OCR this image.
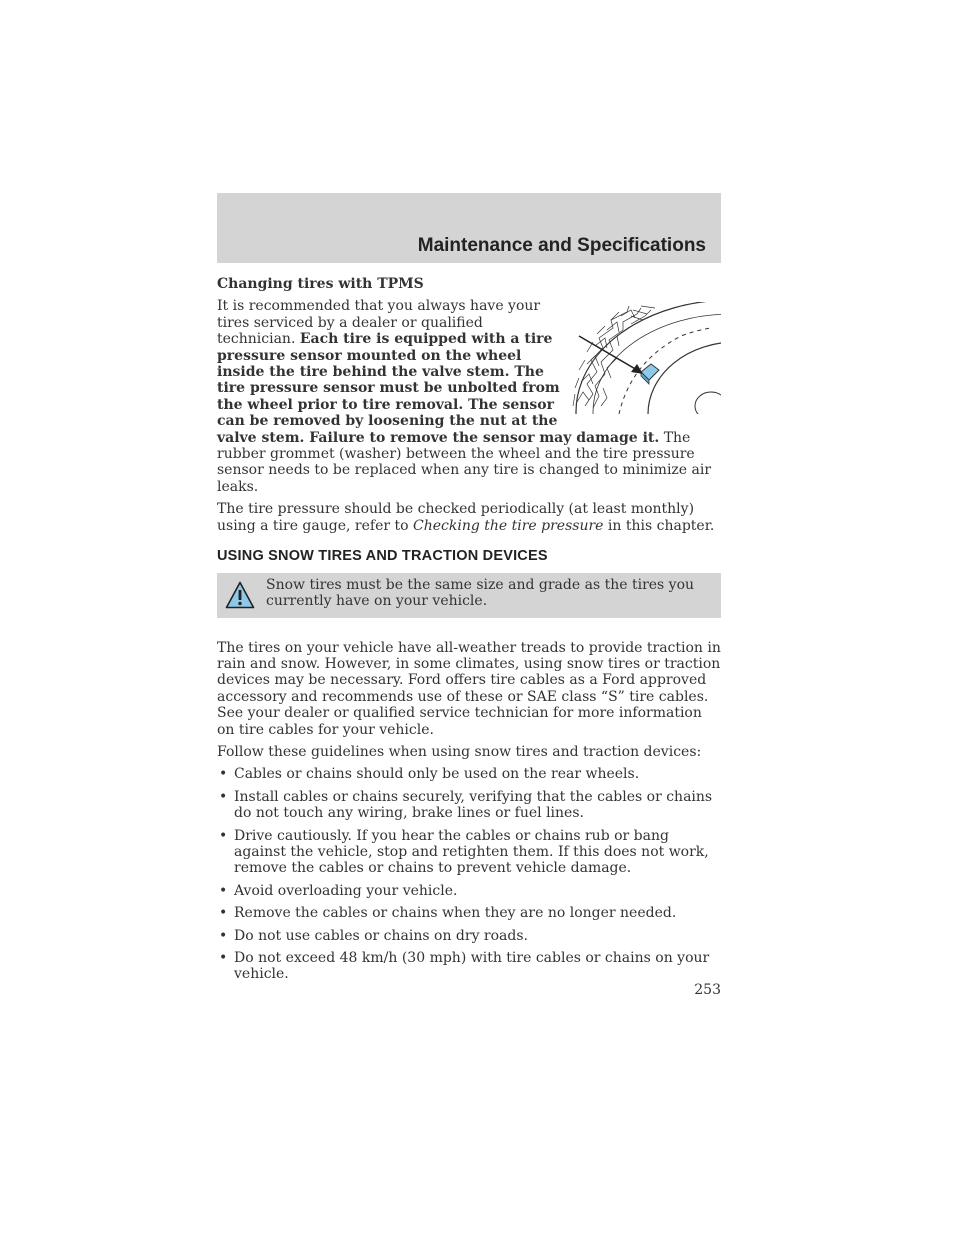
Maintenance and Specifications
Changing tires with TPMS

It is recommended that you always have your tires serviced by a dealer or qualified technician. Each tire is equipped with a tire pressure sensor mounted on the wheel inside the tire behind the valve stem. The tire pressure sensor must be unbolted from the wheel prior to tire removal. The sensor can be removed by loosening the nut at the valve stem. Failure to remove the sensor may damage it. The rubber grommet (washer) between the wheel and the tire pressure sensor needs to be replaced when any tire is changed to minimize air leaks.

The tire pressure should be checked periodically (at least monthly) using a tire gauge, refer to Checking the tire pressure in this chapter.

USING SNOW TIRES AND TRACTION DEVICES
Snow tires must be the same size and grade as the tires you currently have on your vehicle.

The tires on your vehicle have all-weather treads to provide traction in rain and snow. However, in some climates, using snow tires or traction devices may be necessary. Ford offers tire cables as a Ford approved accessory and recommends use of these or SAE class “S” tire cables. See your dealer or qualified service technician for more information on tire cables for your vehicle.

Follow these guidelines when using snow tires and traction devices:

• Cables or chains should only be used on the rear wheels.
• Install cables or chains securely, verifying that the cables or chains do not touch any wiring, brake lines or fuel lines.
• Drive cautiously. If you hear the cables or chains rub or bang against the vehicle, stop and retighten them. If this does not work, remove the cables or chains to prevent vehicle damage.
• Avoid overloading your vehicle.
• Remove the cables or chains when they are no longer needed.
• Do not use cables or chains on dry roads.
• Do not exceed 48 km/h (30 mph) with tire cables or chains on your vehicle.
253
